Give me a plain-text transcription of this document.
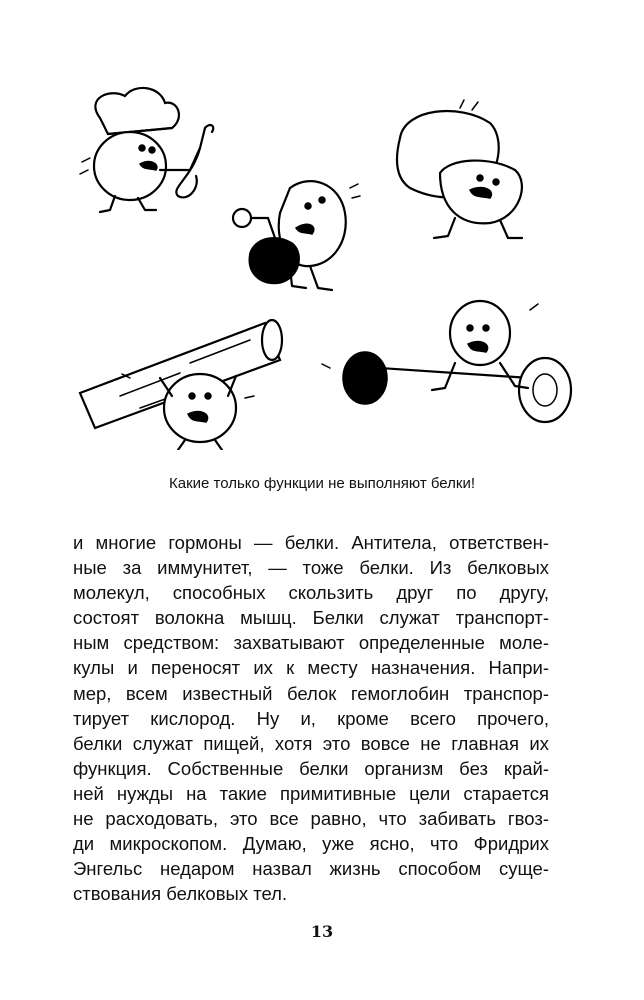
Какие только функции не выполняют белки!
и многие гормоны — белки. Антитела, ответствен-
ные за иммунитет, — тоже белки. Из белковых
молекул, способных скользить друг по другу,
состоят волокна мышц. Белки служат транспорт-
ным средством: захватывают определенные моле-
кулы и переносят их к месту назначения. Напри-
мер, всем известный белок гемоглобин транспор-
тирует кислород. Ну и, кроме всего прочего,
белки служат пищей, хотя это вовсе не главная их
функция. Собственные белки организм без край-
ней нужды на такие примитивные цели старается
не расходовать, это все равно, что забивать гвоз-
ди микроскопом. Думаю, уже ясно, что Фридрих
Энгельс недаром назвал жизнь способом суще-
ствования белковых тел.
13
